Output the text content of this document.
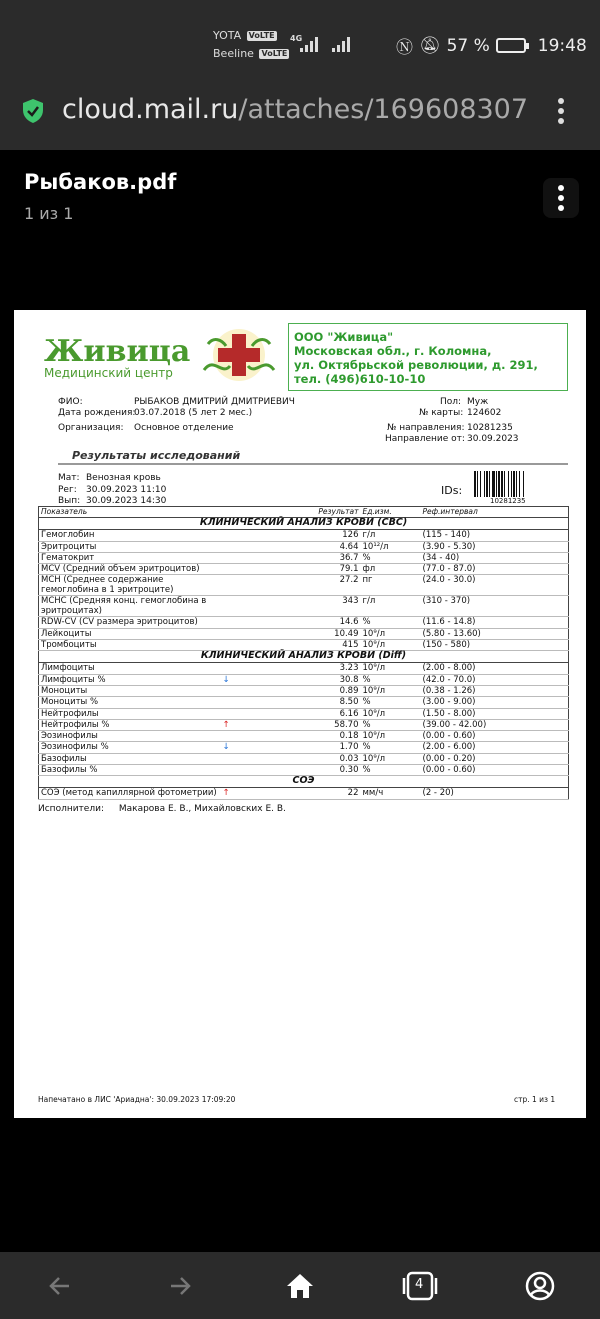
YOTA VoLTE
Beeline VoLTE
4G	Ⓝ 🔕︎ 57 %	19:48
cloud.mail.ru/attaches/169608307
Рыбаков.pdf
1 из 1
Живица
Медицинский центр
ООО "Живица"
Московская обл., г. Коломна,
ул. Октябрьской революции, д. 291,
тел. (496)610-10-10
ФИО:	РЫБАКОВ ДМИТРИЙ ДМИТРИЕВИЧ
Дата рождения:
03.07.2018 (5 лет 2 мес.)
Организация: Основное отделение
Пол: Муж
№ карты: 124602
№ направления: 10281235
Направление от: 30.09.2023
Результаты исследований
Мат: Венозная кровь
Рег: 30.09.2023 11:10
Вып: 30.09.2023 14:30
IDs:
10281235
Показатель		Результат	Ед.изм.	Реф.интервал
КЛИНИЧЕСКИЙ АНАЛИЗ КРОВИ (CBC)				
Гемоглобин		126	г/л	(115 - 140)
Эритроциты		4.64	10¹²/л	(3.90 - 5.30)
Гематокрит		36.7	%	(34 - 40)
MCV (Средний объем эритроцитов)		79.1	фл	(77.0 - 87.0)
MCH (Среднее содержание гемоглобина в 1 эритроците)		27.2	пг	(24.0 - 30.0)
MCHC (Средняя конц. гемоглобина в эритроцитах)		343	г/л	(310 - 370)
RDW-CV (CV размера эритроцитов)		14.6	%	(11.6 - 14.8)
Лейкоциты		10.49	10⁹/л	(5.80 - 13.60)
Тромбоциты		415	10⁹/л	(150 - 580)
КЛИНИЧЕСКИЙ АНАЛИЗ КРОВИ (Diff)				
Лимфоциты		3.23	10⁹/л	(2.00 - 8.00)
Лимфоциты %	↓	30.8	%	(42.0 - 70.0)
Моноциты		0.89	10⁹/л	(0.38 - 1.26)
Моноциты %		8.50	%	(3.00 - 9.00)
Нейтрофилы		6.16	10⁹/л	(1.50 - 8.00)
Нейтрофилы %	↑	58.70	%	(39.00 - 42.00)
Эозинофилы		0.18	10⁹/л	(0.00 - 0.60)
Эозинофилы %	↓	1.70	%	(2.00 - 6.00)
Базофилы		0.03	10⁹/л	(0.00 - 0.20)
Базофилы %		0.30	%	(0.00 - 0.60)
СОЭ				
СОЭ (метод капиллярной фотометрии)	↑	22	мм/ч	(2 - 20)
Исполнители: Макарова Е. В., Михайловских Е. В.
Напечатано в ЛИС 'Ариадна': 30.09.2023 17:09:20	стр. 1 из 1
4
